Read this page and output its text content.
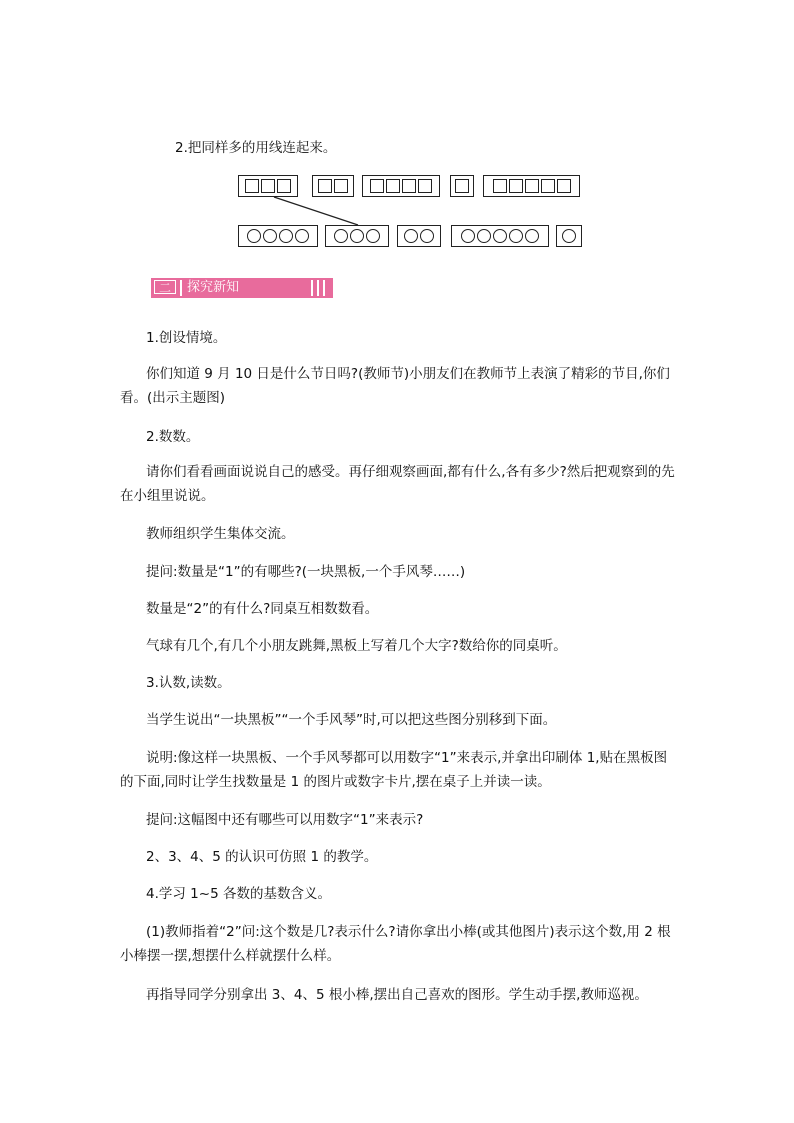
2.把同样多的用线连起来。
二 探究新知
1.创设情境。
你们知道 9 月 10 日是什么节日吗?(教师节)小朋友们在教师节上表演了精彩的节目,你们看。(出示主题图)
2.数数。
请你们看看画面说说自己的感受。再仔细观察画面,都有什么,各有多少?然后把观察到的先在小组里说说。
教师组织学生集体交流。
提问:数量是“1”的有哪些?(一块黑板,一个手风琴……)
数量是“2”的有什么?同桌互相数数看。
气球有几个,有几个小朋友跳舞,黑板上写着几个大字?数给你的同桌听。
3.认数,读数。
当学生说出“一块黑板”“一个手风琴”时,可以把这些图分别移到下面。
说明:像这样一块黑板、一个手风琴都可以用数字“1”来表示,并拿出印刷体 1,贴在黑板图的下面,同时让学生找数量是 1 的图片或数字卡片,摆在桌子上并读一读。
提问:这幅图中还有哪些可以用数字“1”来表示?
2、3、4、5 的认识可仿照 1 的教学。
4.学习 1~5 各数的基数含义。
(1)教师指着“2”问:这个数是几?表示什么?请你拿出小棒(或其他图片)表示这个数,用 2 根小棒摆一摆,想摆什么样就摆什么样。
再指导同学分别拿出 3、4、5 根小棒,摆出自己喜欢的图形。学生动手摆,教师巡视。
